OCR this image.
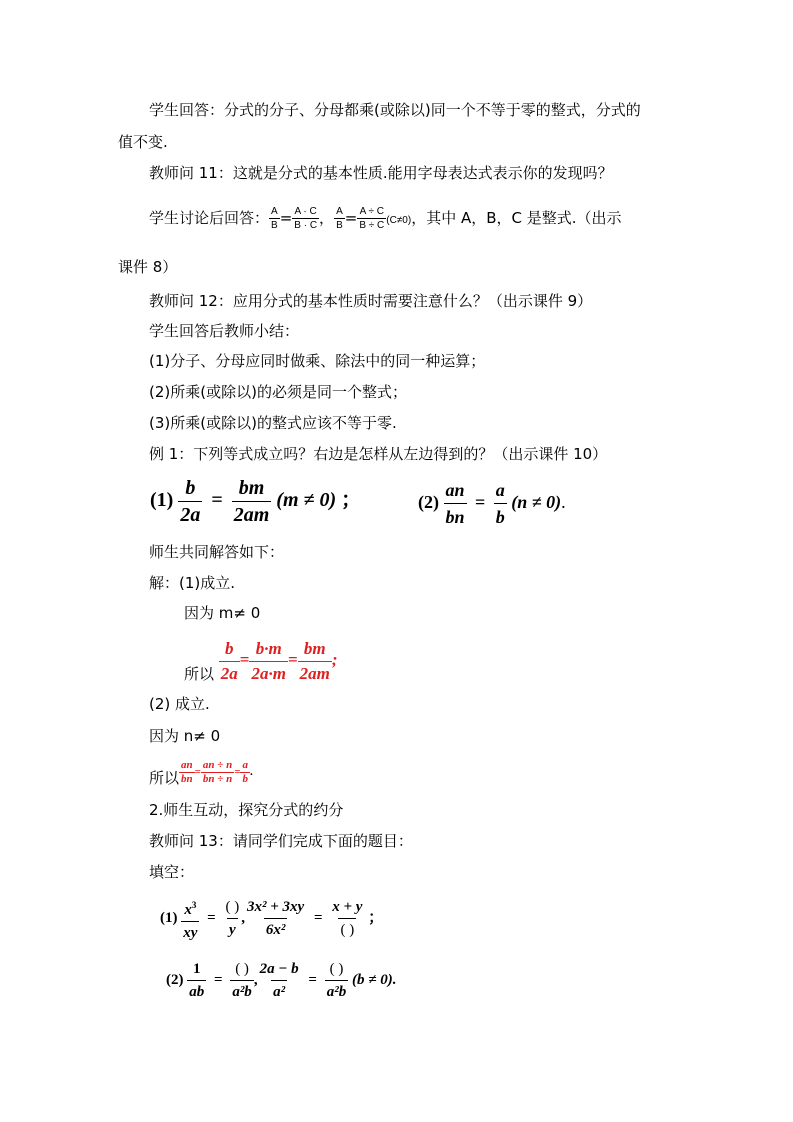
学生回答：分式的分子、分母都乘(或除以)同一个不等于零的整式，分式的
值不变.
教师问 11：这就是分式的基本性质.能用字母表达式表示你的发现吗？
学生讨论后回答： $\frac{A}{B} = \frac{A \cdot C}{B \cdot C}$ ， $\frac{A}{B} = \frac{A \div C}{B \div C} (C\ne 0)$，其中 A，B，C 是整式.（出示
课件 8）
教师问 12：应用分式的基本性质时需要注意什么？（出示课件 9）
学生回答后教师小结：
(1)分子、分母应同时做乘、除法中的同一种运算；
(2)所乘(或除以)的必须是同一个整式；
(3)所乘(或除以)的整式应该不等于零.
例 1：下列等式成立吗？右边是怎样从左边得到的？（出示课件 10）
$(1) \frac{b}{2a} = \frac{bm}{2am} (m \ne 0)$ ；	$(2) \frac{an}{bn} = \frac{a}{b} (n \ne 0)$.
师生共同解答如下：
解：(1)成立.
因为 m≠ 0
所以 $\frac{b}{2a} = \frac{b\cdot m}{2a\cdot m} = \frac{bm}{2am}$ ;
(2) 成立.
因为 n≠ 0
所以 $\frac{an}{bn} = \frac{an \div n}{bn \div n} = \frac{a}{b}$ .
2.师生互动，探究分式的约分
教师问 13：请同学们完成下面的题目：
填空：
$(1) \frac{x^3}{xy} = \frac{( )}{y}$ , $\frac{\text{3x² + 3xy}}{\text{6x²}} = \frac{x + y}{( )}$ ；
$(2) \frac{1}{ab} = \frac{( )}{\text{a²b}}$ , $\frac{2a - b}{\text{a²}} = \frac{( )}{\text{a²b}} (b \ne 0)$.
